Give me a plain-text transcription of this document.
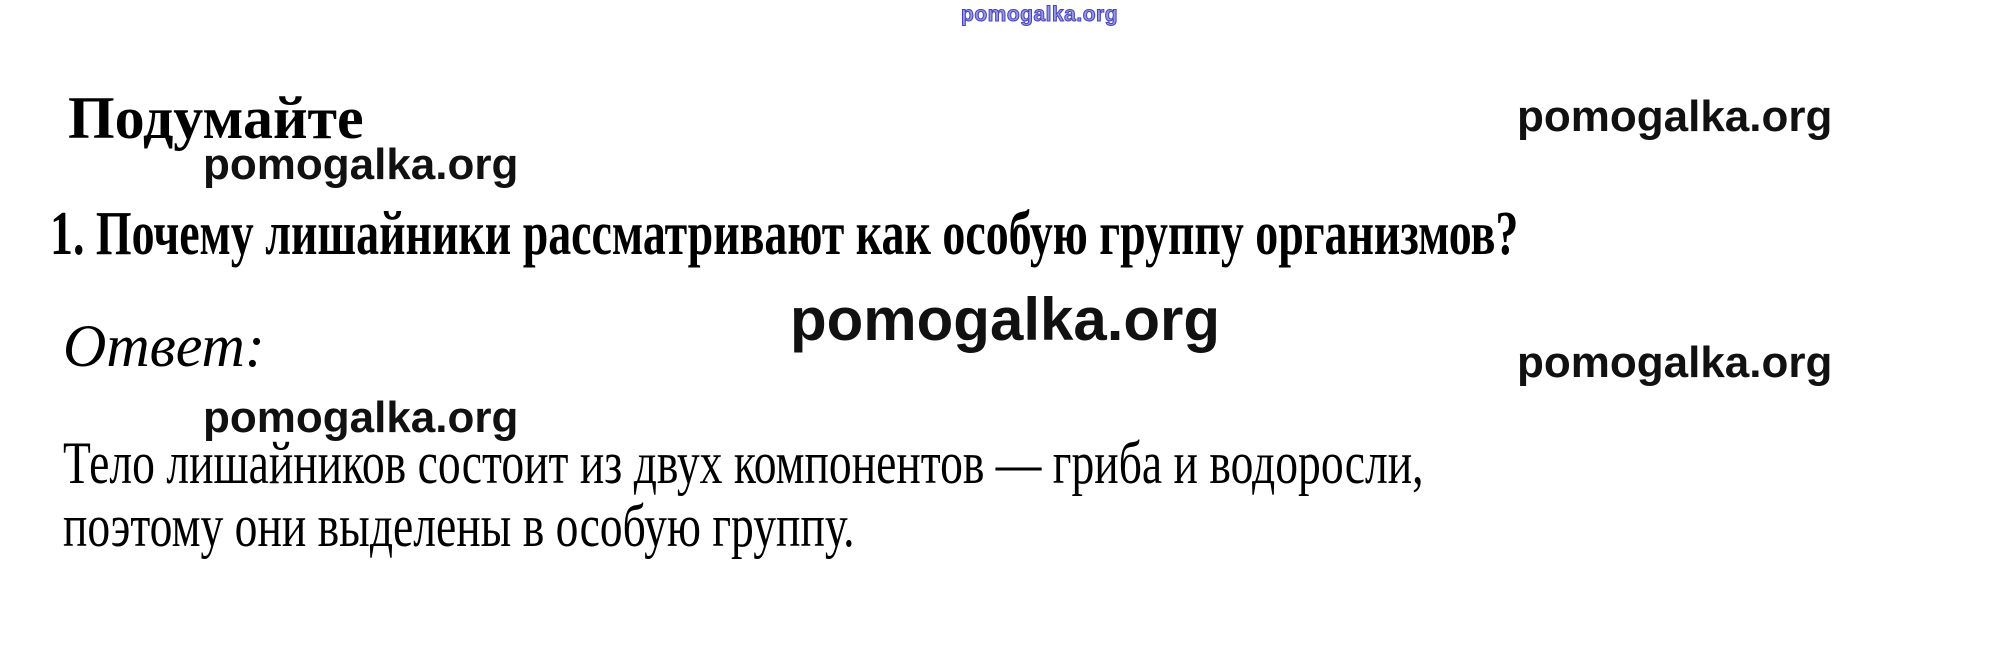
pomogalka.org
Подумайте
pomogalka.org
pomogalka.org
1. Почему лишайники рассматривают как особую группу организмов?
pomogalka.org
Ответ:	pomogalka.org
pomogalka.org
Тело лишайников состоит из двух компонентов — гриба и водоросли,
поэтому они выделены в особую группу.
